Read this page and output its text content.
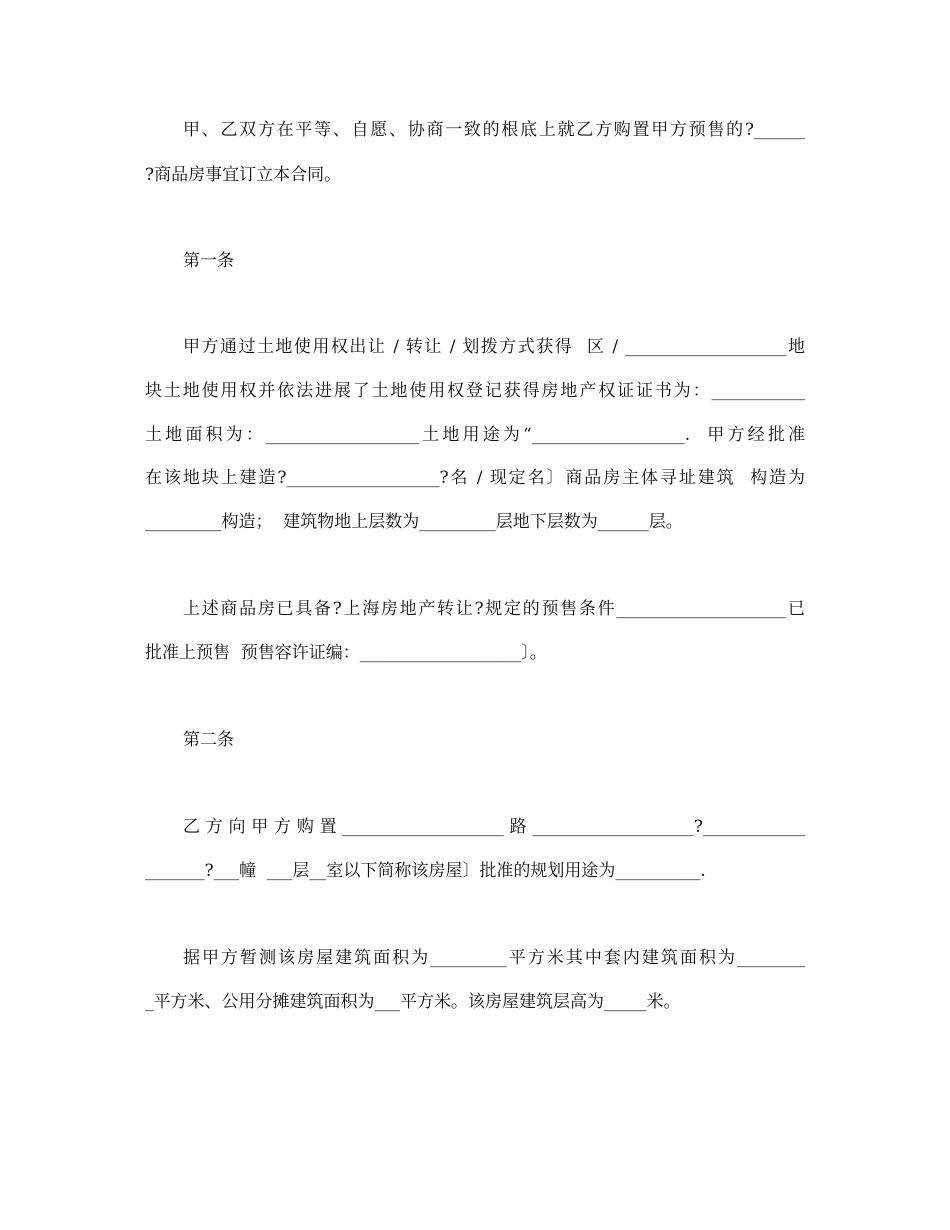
甲、乙双方在平等、自愿、协商一致的根底上就乙方购置甲方预售的?______
?商品房事宜订立本合同。
第一条
甲方通过土地使用权出让 / 转让 / 划拨方式获得  区 / ___________________地
块土地使用权并依法进展了土地使用权登记获得房地产权证证书为：___________
土地面积为：__________________土地用途为“__________________.  甲方经批准
在该地块上建造?__________________?名 / 现定名〕商品房主体寻址建筑  构造为
_________构造；  建筑物地上层数为_________层地下层数为______层。
上述商品房已具备?上海房地产转让?规定的预售条件____________________已
批准上预售  预售容许证编：___________________〕。
第二条
乙方向甲方购置___________________路___________________?____________
_______?___幢  ___层__室以下简称该房屋〕批准的规划用途为__________.
据甲方暂测该房屋建筑面积为_________平方米其中套内建筑面积为________
_平方米、公用分摊建筑面积为___平方米。该房屋建筑层高为_____米。
